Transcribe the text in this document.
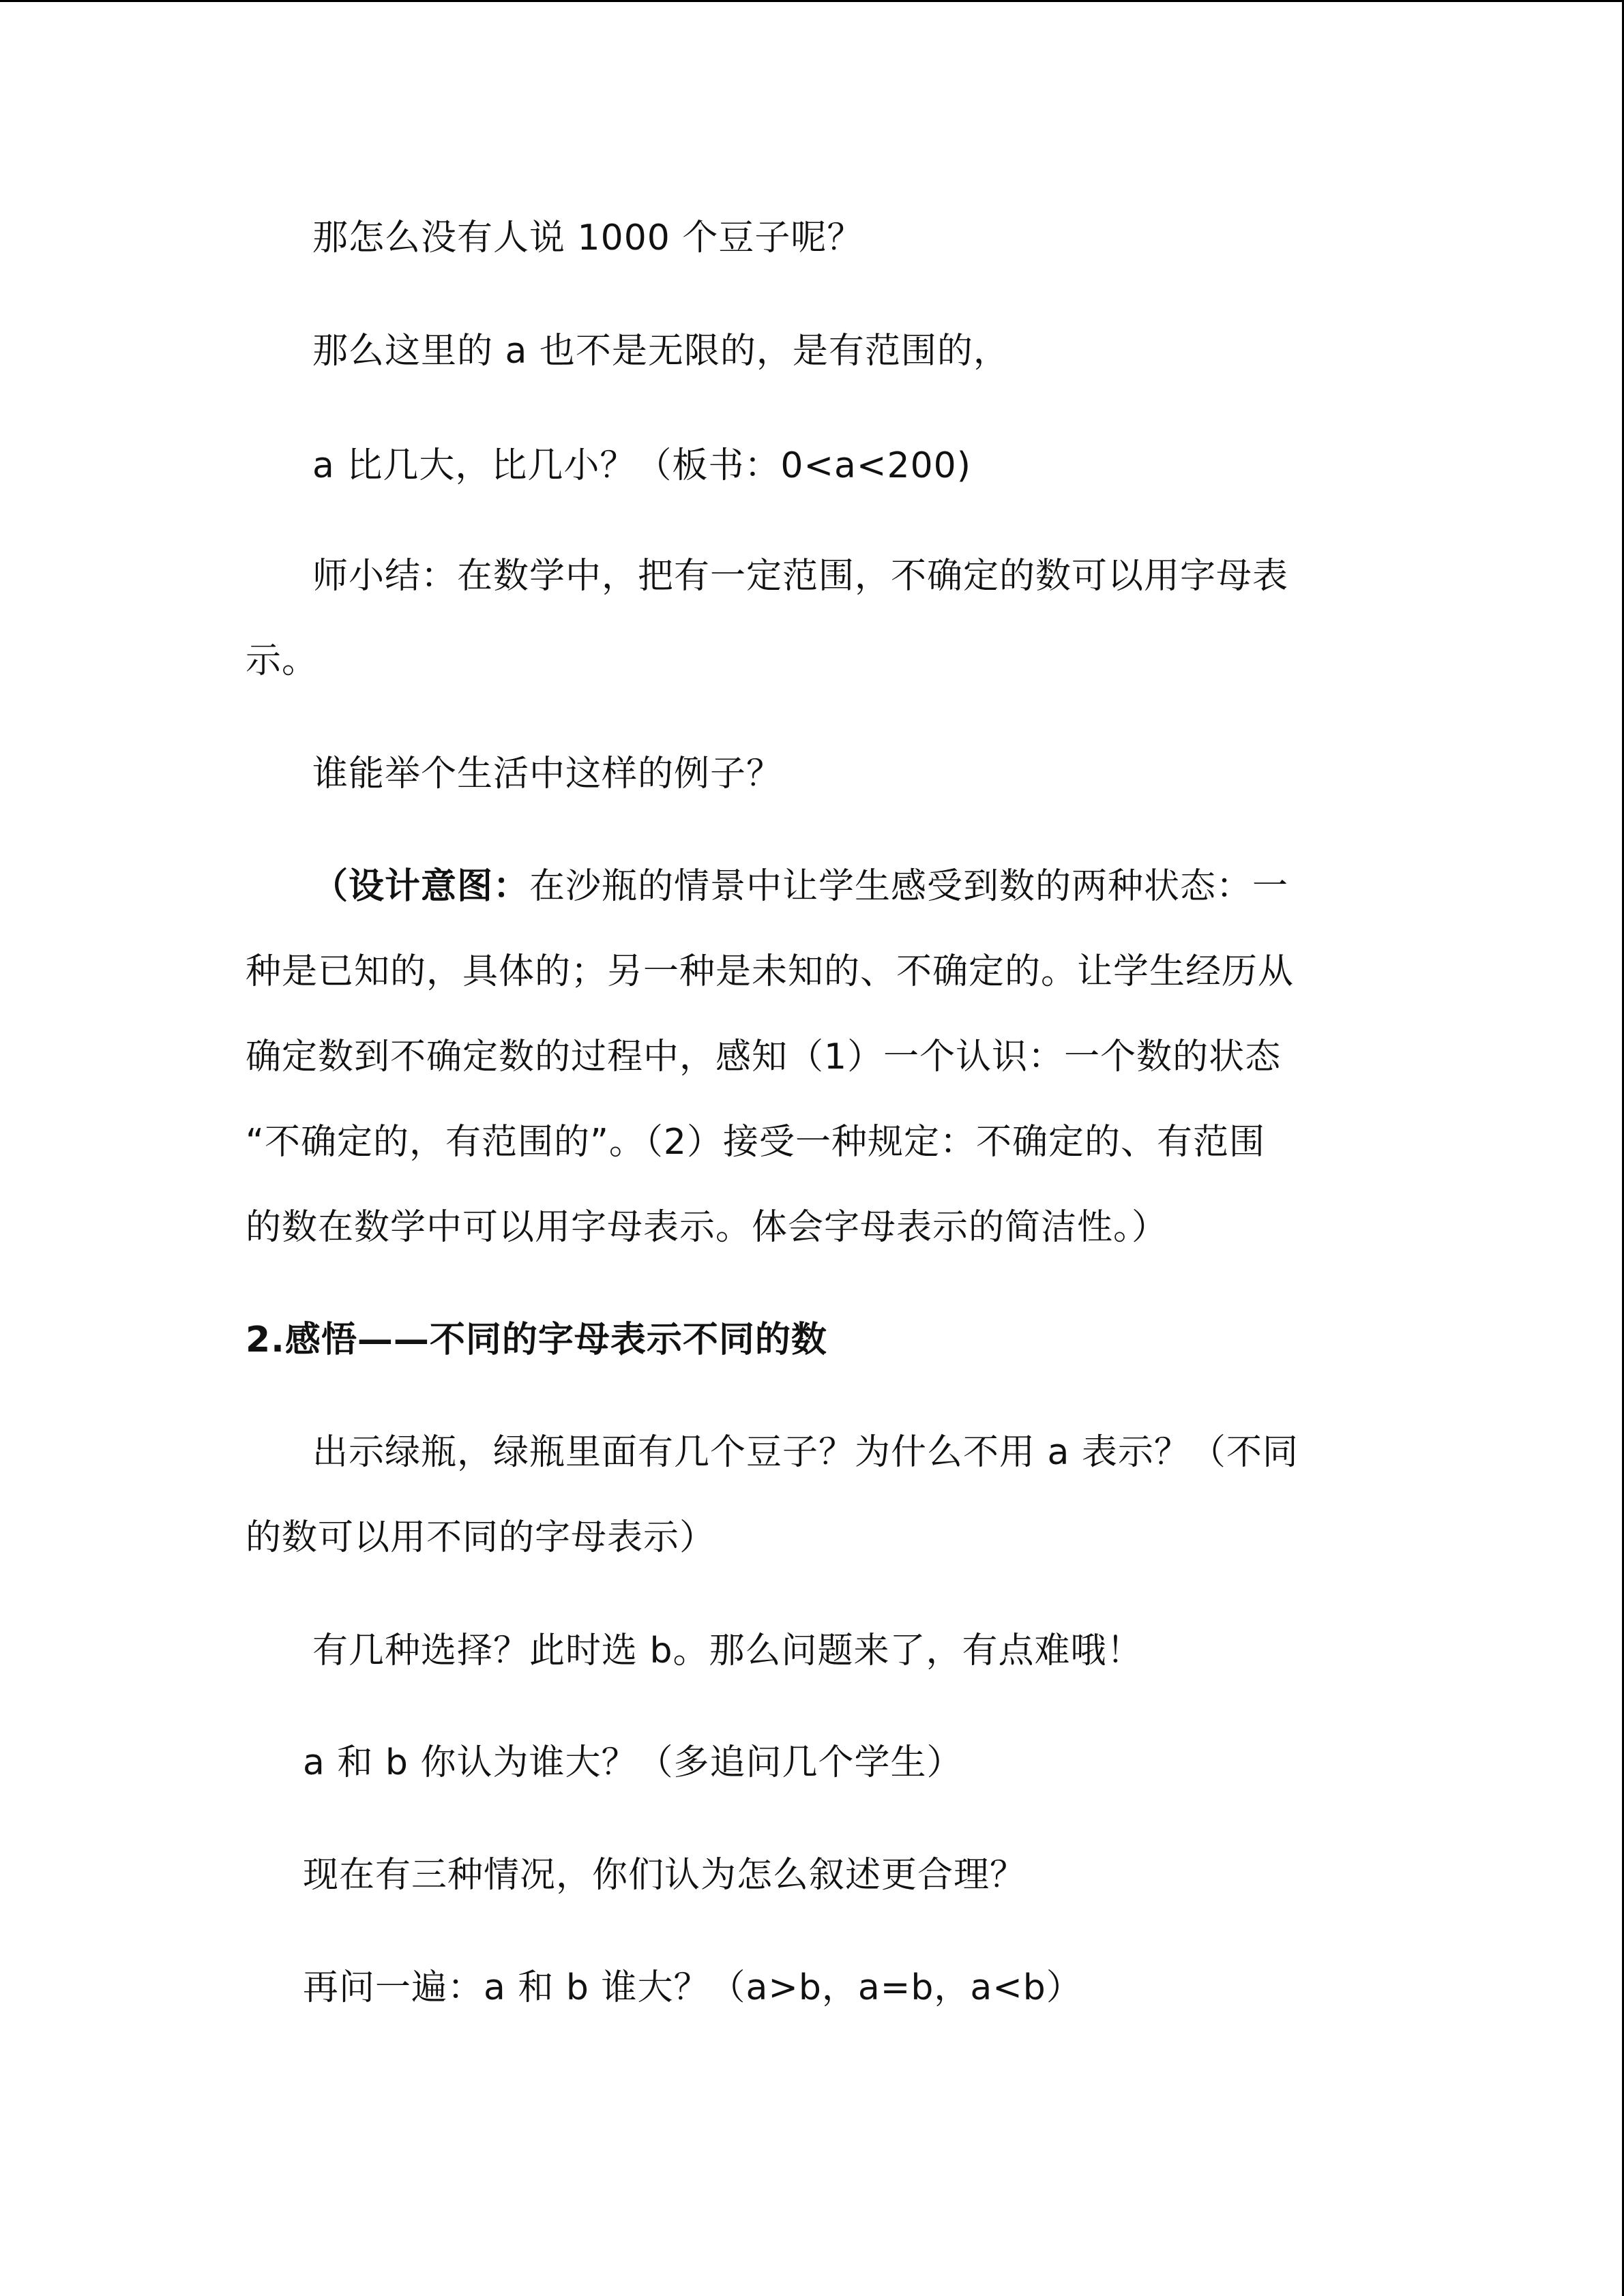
那怎么没有人说 1000 个豆子呢？
那么这里的 a 也不是无限的，是有范围的，
a 比几大，比几小？（板书：0<a<200)
师小结：在数学中，把有一定范围，不确定的数可以用字母表
示。
谁能举个生活中这样的例子？
（设计意图：在沙瓶的情景中让学生感受到数的两种状态：一
种是已知的，具体的；另一种是未知的、不确定的。让学生经历从
确定数到不确定数的过程中，感知（1）一个认识：一个数的状态
“不确定的，有范围的”。（2）接受一种规定：不确定的、有范围
的数在数学中可以用字母表示。体会字母表示的简洁性。）
2.感悟——不同的字母表示不同的数
出示绿瓶，绿瓶里面有几个豆子？为什么不用 a 表示？（不同
的数可以用不同的字母表示）
有几种选择？此时选 b。那么问题来了，有点难哦！
a 和 b 你认为谁大？（多追问几个学生）
现在有三种情况，你们认为怎么叙述更合理？
再问一遍：a 和 b 谁大？（a>b，a=b，a<b）
